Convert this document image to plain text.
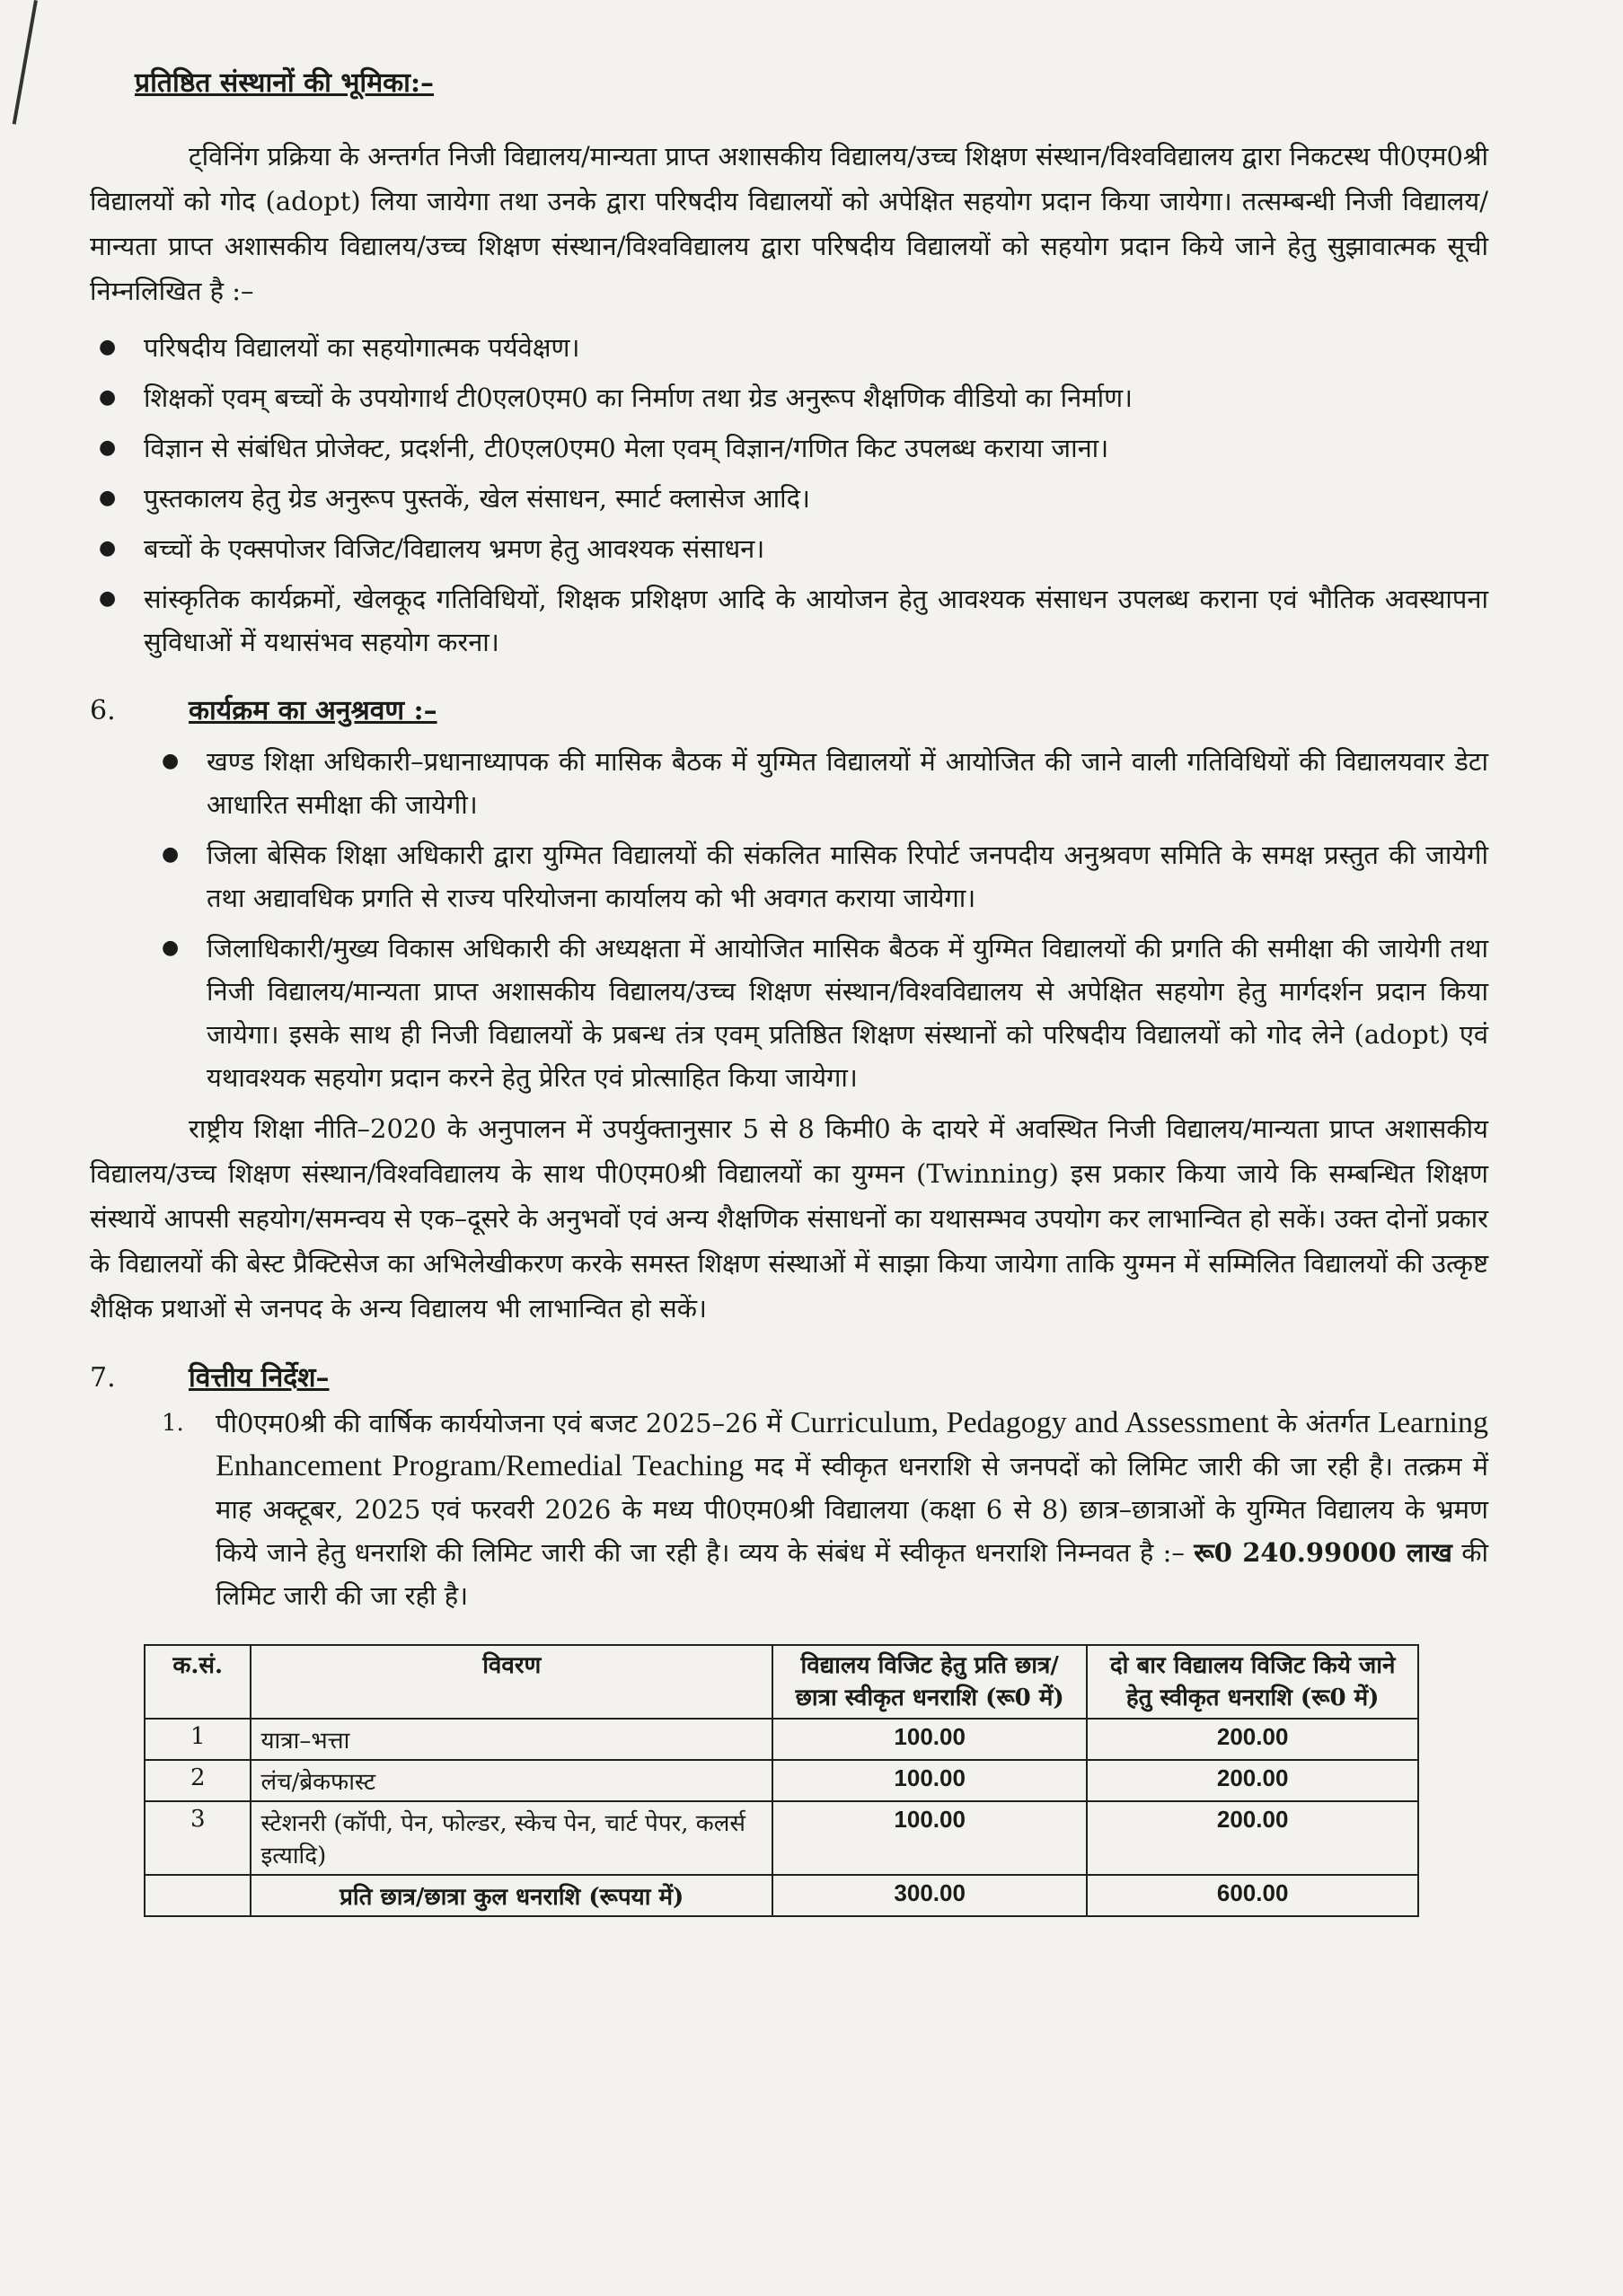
प्रतिष्ठित संस्थानों की भूमिका:–

ट्विनिंग प्रक्रिया के अन्तर्गत निजी विद्यालय/मान्यता प्राप्त अशासकीय विद्यालय/उच्च शिक्षण संस्थान/विश्वविद्यालय द्वारा निकटस्थ पी0एम0श्री विद्यालयों को गोद (adopt) लिया जायेगा तथा उनके द्वारा परिषदीय विद्यालयों को अपेक्षित सहयोग प्रदान किया जायेगा। तत्सम्बन्धी निजी विद्यालय/मान्यता प्राप्त अशासकीय विद्यालय/उच्च शिक्षण संस्थान/विश्वविद्यालय द्वारा परिषदीय विद्यालयों को सहयोग प्रदान किये जाने हेतु सुझावात्मक सूची निम्नलिखित है :–

● परिषदीय विद्यालयों का सहयोगात्मक पर्यवेक्षण।
● शिक्षकों एवम् बच्चों के उपयोगार्थ टी0एल0एम0 का निर्माण तथा ग्रेड अनुरूप शैक्षणिक वीडियो का निर्माण।
● विज्ञान से संबंधित प्रोजेक्ट, प्रदर्शनी, टी0एल0एम0 मेला एवम् विज्ञान/गणित किट उपलब्ध कराया जाना।
● पुस्तकालय हेतु ग्रेड अनुरूप पुस्तकें, खेल संसाधन, स्मार्ट क्लासेज आदि।
● बच्चों के एक्सपोजर विजिट/विद्यालय भ्रमण हेतु आवश्यक संसाधन।
● सांस्कृतिक कार्यक्रमों, खेलकूद गतिविधियों, शिक्षक प्रशिक्षण आदि के आयोजन हेतु आवश्यक संसाधन उपलब्ध कराना एवं भौतिक अवस्थापना सुविधाओं में यथासंभव सहयोग करना।
6.	कार्यक्रम का अनुश्रवण :–
● खण्ड शिक्षा अधिकारी–प्रधानाध्यापक की मासिक बैठक में युग्मित विद्यालयों में आयोजित की जाने वाली गतिविधियों की विद्यालयवार डेटा आधारित समीक्षा की जायेगी।
● जिला बेसिक शिक्षा अधिकारी द्वारा युग्मित विद्यालयों की संकलित मासिक रिपोर्ट जनपदीय अनुश्रवण समिति के समक्ष प्रस्तुत की जायेगी तथा अद्यावधिक प्रगति से राज्य परियोजना कार्यालय को भी अवगत कराया जायेगा।
● जिलाधिकारी/मुख्य विकास अधिकारी की अध्यक्षता में आयोजित मासिक बैठक में युग्मित विद्यालयों की प्रगति की समीक्षा की जायेगी तथा निजी विद्यालय/मान्यता प्राप्त अशासकीय विद्यालय/उच्च शिक्षण संस्थान/विश्वविद्यालय से अपेक्षित सहयोग हेतु मार्गदर्शन प्रदान किया जायेगा। इसके साथ ही निजी विद्यालयों के प्रबन्ध तंत्र एवम् प्रतिष्ठित शिक्षण संस्थानों को परिषदीय विद्यालयों को गोद लेने (adopt) एवं यथावश्यक सहयोग प्रदान करने हेतु प्रेरित एवं प्रोत्साहित किया जायेगा।

राष्ट्रीय शिक्षा नीति–2020 के अनुपालन में उपर्युक्तानुसार 5 से 8 किमी0 के दायरे में अवस्थित निजी विद्यालय/मान्यता प्राप्त अशासकीय विद्यालय/उच्च शिक्षण संस्थान/विश्वविद्यालय के साथ पी0एम0श्री विद्यालयों का युग्मन (Twinning) इस प्रकार किया जाये कि सम्बन्धित शिक्षण संस्थायें आपसी सहयोग/समन्वय से एक–दूसरे के अनुभवों एवं अन्य शैक्षणिक संसाधनों का यथासम्भव उपयोग कर लाभान्वित हो सकें। उक्त दोनों प्रकार के विद्यालयों की बेस्ट प्रैक्टिसेज का अभिलेखीकरण करके समस्त शिक्षण संस्थाओं में साझा किया जायेगा ताकि युग्मन में सम्मिलित विद्यालयों की उत्कृष्ट शैक्षिक प्रथाओं से जनपद के अन्य विद्यालय भी लाभान्वित हो सकें।

7.	वित्तीय निर्देश–
1. पी0एम0श्री की वार्षिक कार्ययोजना एवं बजट 2025–26 में Curriculum, Pedagogy and Assessment के अंतर्गत Learning Enhancement Program/Remedial Teaching मद में स्वीकृत धनराशि से जनपदों को लिमिट जारी की जा रही है। तत्क्रम में माह अक्टूबर, 2025 एवं फरवरी 2026 के मध्य पी0एम0श्री विद्यालया (कक्षा 6 से 8) छात्र–छात्राओं के युग्मित विद्यालय के भ्रमण किये जाने हेतु धनराशि की लिमिट जारी की जा रही है। व्यय के संबंध में स्वीकृत धनराशि निम्नवत है :– रू0 240.99000 लाख की लिमिट जारी की जा रही है।
क.सं.	विवरण	विद्यालय विजिट हेतु प्रति छात्र/छात्रा स्वीकृत धनराशि (रू0 में)	दो बार विद्यालय विजिट किये जाने हेतु स्वीकृत धनराशि (रू0 में)
1	यात्रा–भत्ता	100.00	200.00
2	लंच/ब्रेकफास्ट	100.00	200.00
3	स्टेशनरी (कॉपी, पेन, फोल्डर, स्केच पेन, चार्ट पेपर, कलर्स इत्यादि)	100.00	200.00
	प्रति छात्र/छात्रा कुल धनराशि (रूपया में)	300.00	600.00
